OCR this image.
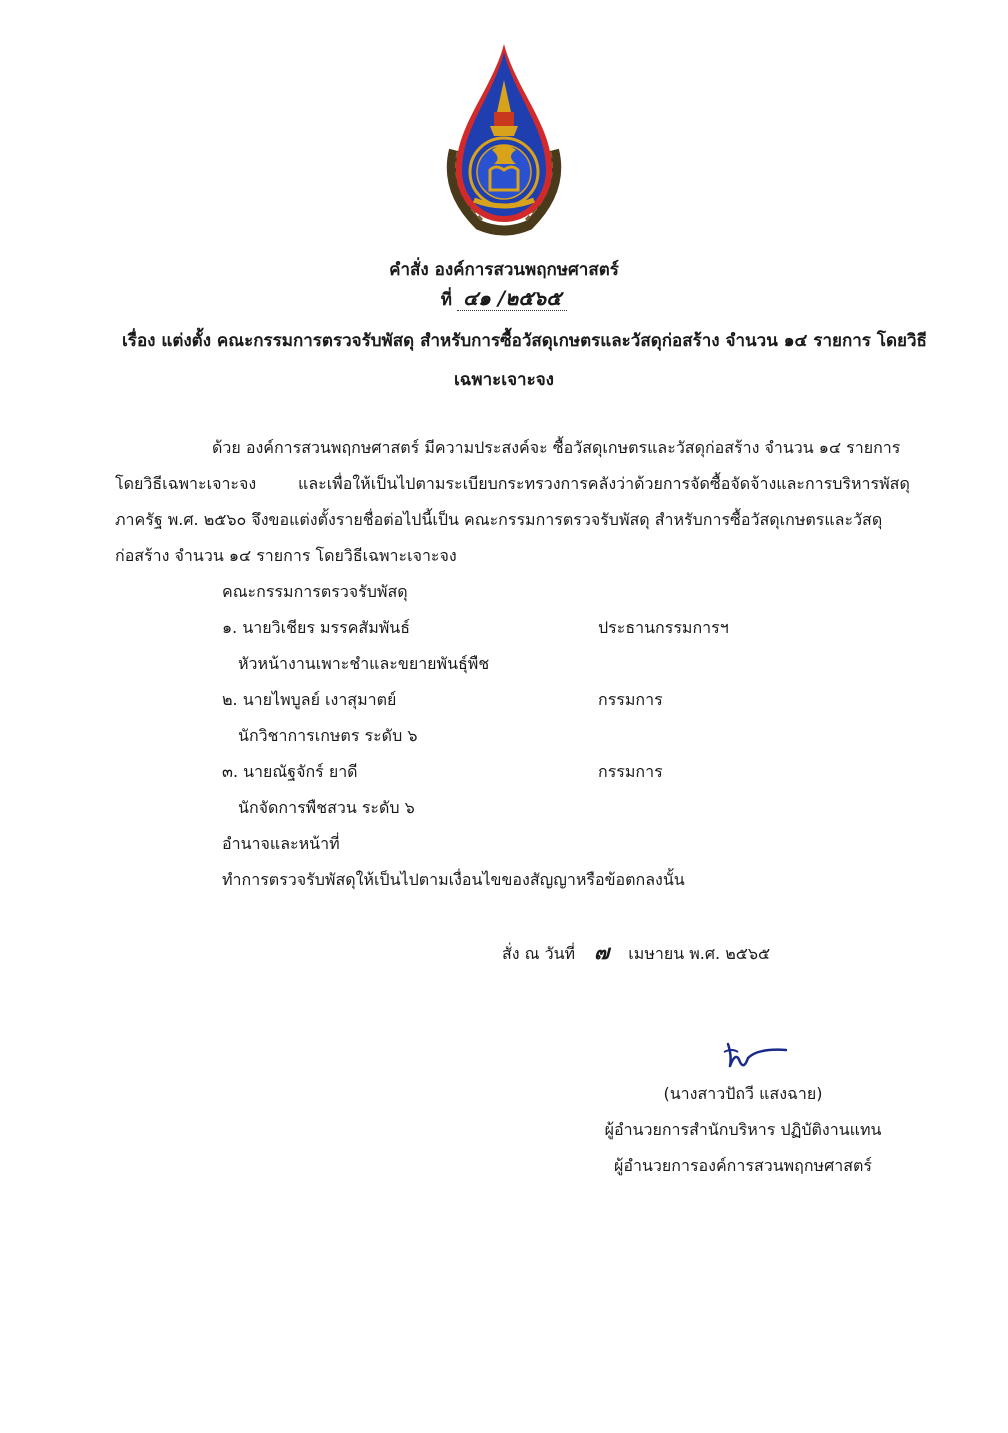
คำสั่ง องค์การสวนพฤกษศาสตร์
ที่ ๔๑ /๒๕๖๕
เรื่อง แต่งตั้ง คณะกรรมการตรวจรับพัสดุ สำหรับการซื้อวัสดุเกษตรและวัสดุก่อสร้าง จำนวน ๑๔ รายการ โดยวิธี
เฉพาะเจาะจง
ด้วย องค์การสวนพฤกษศาสตร์ มีความประสงค์จะ ซื้อวัสดุเกษตรและวัสดุก่อสร้าง จำนวน ๑๔ รายการ
โดยวิธีเฉพาะเจาะจง	และเพื่อให้เป็นไปตามระเบียบกระทรวงการคลังว่าด้วยการจัดซื้อจัดจ้างและการบริหารพัสดุ
ภาครัฐ พ.ศ. ๒๕๖๐ จึงขอแต่งตั้งรายชื่อต่อไปนี้เป็น คณะกรรมการตรวจรับพัสดุ สำหรับการซื้อวัสดุเกษตรและวัสดุ
ก่อสร้าง จำนวน ๑๔ รายการ โดยวิธีเฉพาะเจาะจง
คณะกรรมการตรวจรับพัสดุ
๑. นายวิเชียร มรรคสัมพันธ์	ประธานกรรมการฯ
หัวหน้างานเพาะชำและขยายพันธุ์พืช
๒. นายไพบูลย์ เงาสุมาตย์	กรรมการ
นักวิชาการเกษตร ระดับ ๖
๓. นายณัฐจักร์ ยาดี	กรรมการ
นักจัดการพืชสวน ระดับ ๖
อำนาจและหน้าที่
ทำการตรวจรับพัสดุให้เป็นไปตามเงื่อนไขของสัญญาหรือข้อตกลงนั้น
สั่ง ณ วันที่ ๗ เมษายน พ.ศ. ๒๕๖๕
(นางสาวปัถวี แสงฉาย)
ผู้อำนวยการสำนักบริหาร ปฏิบัติงานแทน
ผู้อำนวยการองค์การสวนพฤกษศาสตร์
